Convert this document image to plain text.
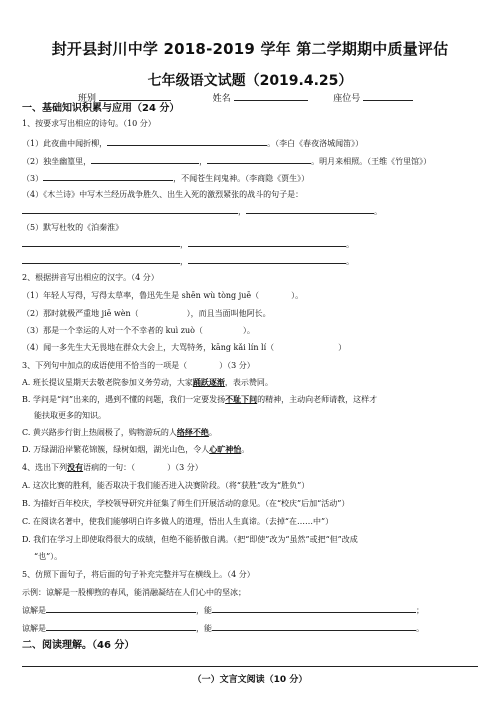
封开县封川中学 2018-2019 学年 第二学期期中质量评估
七年级语文试题（2019.4.25）
班别	姓名	座位号
一、基础知识积累与应用（24 分）
1、按要求写出相应的诗句。（10 分）
（1）此夜曲中闻折柳，	。（李白《春夜洛城闻笛》）
（2）独坐幽篁里，	，	。明月来相照。（王维《竹里馆》）
（3）	，不闻苍生问鬼神。（李商隐《贾生》）
（4）《木兰诗》中写木兰经历战争胜久、出生入死的激烈紧张的战斗的句子是：
，	。
（5）默写杜牧的《泊秦淮》
，	。
，	。
2、根据拼音写出相应的汉字。（4 分）
（1）年轻人写得，写得太草率，鲁迅先生是 shēn wù tòng juē（　　　　）。
（2）那时就极严重地 jiē wèn（　　　　　　），而且当面叫他阿长。
（3）那是一个幸运的人对一个不幸者的 kuì zuò（　　　　　）。
（4）闻一多先生大无畏地在群众大会上，大骂特务，kāng kǎi lín lí（　　　　　　　　）
3、下列句中加点的成语使用不恰当的一项是（　　　　）（3 分）
A. 班长提议星期天去敬老院参加义务劳动，大家踊跃逐渐，表示赞同。
B. 学问是“问”出来的，遇到不懂的问题，我们一定要发扬不耻下问的精神，主动向老师请教，这样才
能扶取更多的知识。
C. 黄兴路步行街上热闹极了，购物游玩的人络绎不绝。
D. 万绿湖沿岸繁花锦簇，绿树如烟，湖光山色，令人心旷神怡。
4、选出下列没有语病的一句：（　　　　）（3 分）
A. 这次比赛的胜利，能否取决于我们能否进入决赛阶段。（将“获胜”改为“胜负”）
B. 为描好百年校庆，学校领导研究并征集了师生们开展活动的意见。（在“校庆”后加“活动”）
C. 在阅读名著中，使我们能够明白许多做人的道理，悟出人生真谛。（去掉“在……中”）
D. 我们在学习上即使取得很大的成绩，但绝不能骄傲自满。（把“即使”改为“虽然”或把“但”改成
“也”）。
5、仿照下面句子，将后面的句子补充完整并写在横线上。（4 分）
示例：谅解是一股柳煦的春风，能消融凝结在人们心中的坚冰；
谅解是	，能	；
谅解是	，能	。
二、阅读理解。（46 分）
（一）文言文阅读（10 分）
